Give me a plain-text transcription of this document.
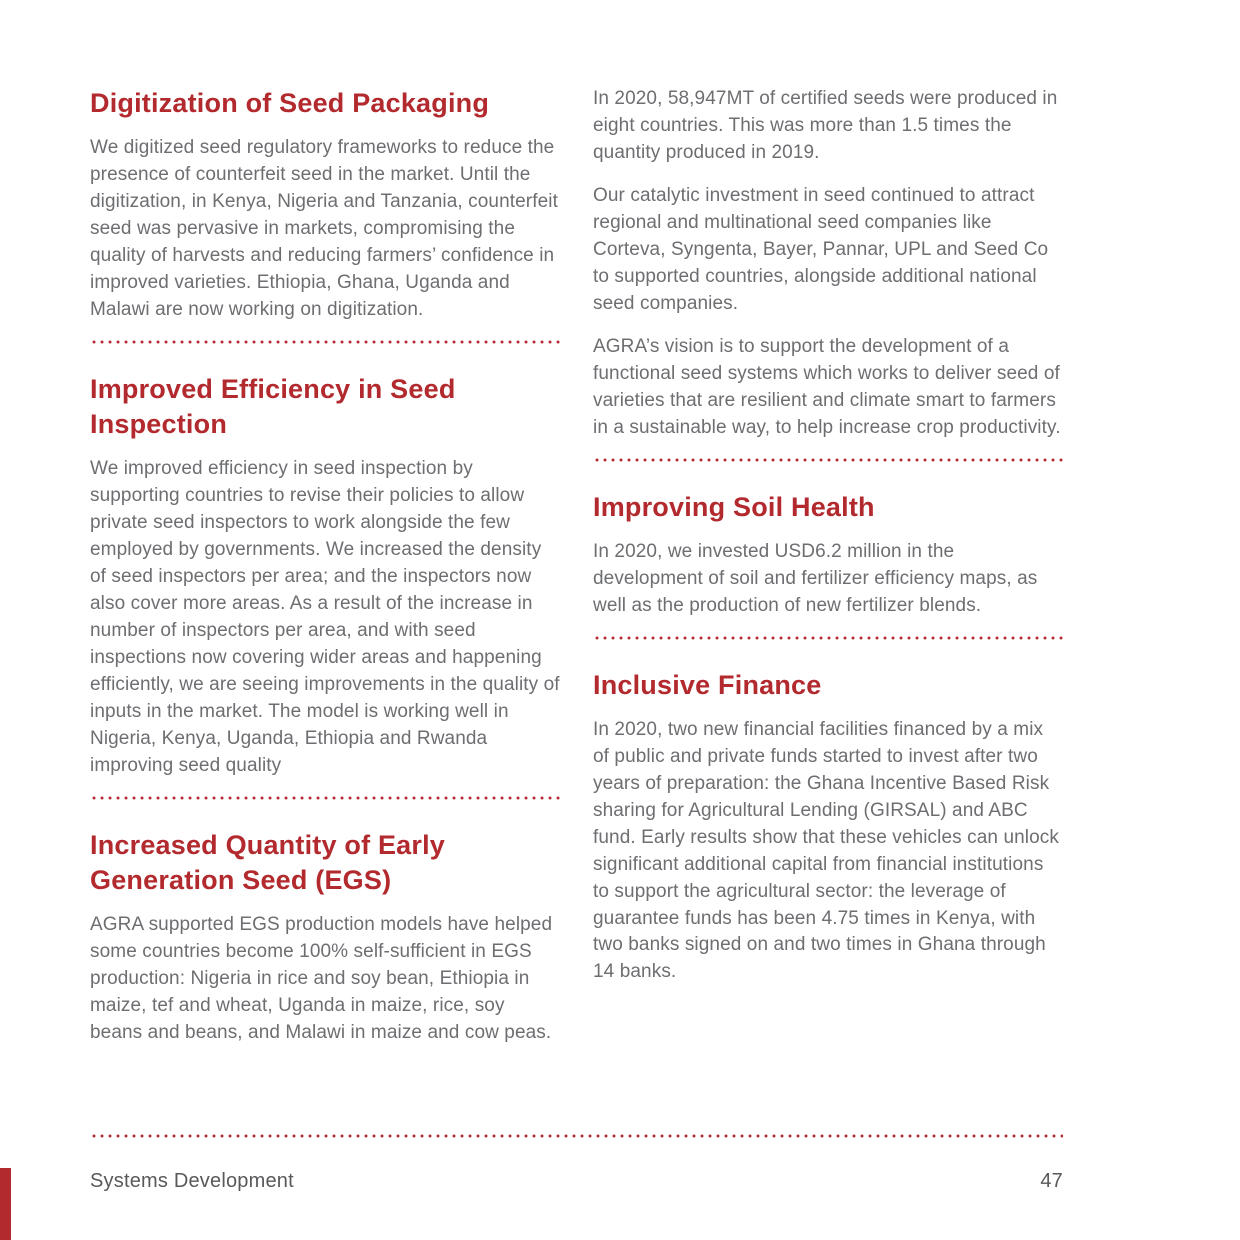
Digitization of Seed Packaging

We digitized seed regulatory frameworks to reduce the presence of counterfeit seed in the market. Until the digitization, in Kenya, Nigeria and Tanzania, counterfeit seed was pervasive in markets, compromising the quality of harvests and reducing farmers’ confidence in improved varieties. Ethiopia, Ghana, Uganda and Malawi are now working on digitization.

Improved Efficiency in Seed Inspection

We improved efficiency in seed inspection by supporting countries to revise their policies to allow private seed inspectors to work alongside the few employed by governments. We increased the density of seed inspectors per area; and the inspectors now also cover more areas. As a result of the increase in number of inspectors per area, and with seed inspections now covering wider areas and happening efficiently, we are seeing improvements in the quality of inputs in the market. The model is working well in Nigeria, Kenya, Uganda, Ethiopia and Rwanda improving seed quality

Increased Quantity of Early Generation Seed (EGS)

AGRA supported EGS production models have helped some countries become 100% self-sufficient in EGS production: Nigeria in rice and soy bean, Ethiopia in maize, tef and wheat, Uganda in maize, rice, soy beans and beans, and Malawi in maize and cow peas.

In 2020, 58,947MT of certified seeds were produced in eight countries. This was more than 1.5 times the quantity produced in 2019.

Our catalytic investment in seed continued to attract regional and multinational seed companies like Corteva, Syngenta, Bayer, Pannar, UPL and Seed Co to supported countries, alongside additional national seed companies.

AGRA’s vision is to support the development of a functional seed systems which works to deliver seed of varieties that are resilient and climate smart to farmers in a sustainable way, to help increase crop productivity.

Improving Soil Health

In 2020, we invested USD6.2 million in the development of soil and fertilizer efficiency maps, as well as the production of new fertilizer blends.

Inclusive Finance

In 2020, two new financial facilities financed by a mix of public and private funds started to invest after two years of preparation: the Ghana Incentive Based Risk sharing for Agricultural Lending (GIRSAL) and ABC fund. Early results show that these vehicles can unlock significant additional capital from financial institutions to support the agricultural sector: the leverage of guarantee funds has been 4.75 times in Kenya, with two banks signed on and two times in Ghana through 14 banks.

Systems Development	47
